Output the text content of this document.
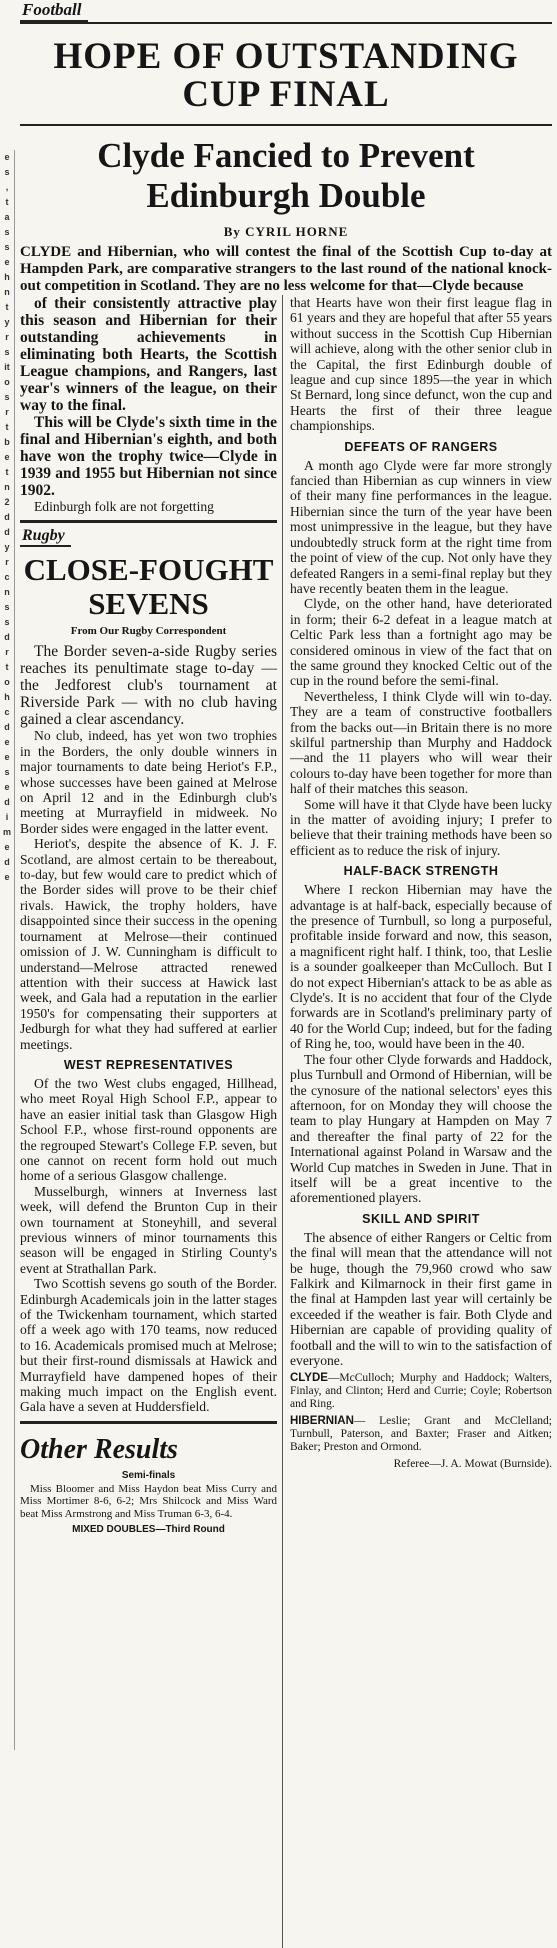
e
s
,
t
a
s
s
e
h
n
t
y
r
s
it
o
s
r
t
b
e
t
n
2
d
d
y
r
c
n
s
s
d
r
t
o
h
c
d
e
e
s
e
d
i
m
e
d
e
Football
HOPE OF OUTSTANDING
CUP FINAL
Clyde Fancied to Prevent
Edinburgh Double
By CYRIL HORNE

CLYDE and Hibernian, who will contest the final of the Scottish Cup to-day at Hampden Park, are comparative strangers to the last round of the national knock-out competition in Scotland. They are no less welcome for that—Clyde because

of their consistently attractive play this season and Hibernian for their outstanding achievements in eliminating both Hearts, the Scottish League champions, and Rangers, last year's winners of the league, on their way to the final.

This will be Clyde's sixth time in the final and Hibernian's eighth, and both have won the trophy twice—Clyde in 1939 and 1955 but Hibernian not since 1902.

Edinburgh folk are not forgetting

Rugby
CLOSE-FOUGHT
SEVENS
From Our Rugby Correspondent

The Border seven-a-side Rugby series reaches its penultimate stage to-day — the Jedforest club's tournament at Riverside Park — with no club having gained a clear ascendancy.

No club, indeed, has yet won two trophies in the Borders, the only double winners in major tournaments to date being Heriot's F.P., whose successes have been gained at Melrose on April 12 and in the Edinburgh club's meeting at Murrayfield in midweek. No Border sides were engaged in the latter event.

Heriot's, despite the absence of K. J. F. Scotland, are almost certain to be thereabout, to-day, but few would care to predict which of the Border sides will prove to be their chief rivals. Hawick, the trophy holders, have disappointed since their success in the opening tournament at Melrose—their continued omission of J. W. Cunningham is difficult to understand—Melrose attracted renewed attention with their success at Hawick last week, and Gala had a reputation in the earlier 1950's for compensating their supporters at Jedburgh for what they had suffered at earlier meetings.

WEST REPRESENTATIVES

Of the two West clubs engaged, Hillhead, who meet Royal High School F.P., appear to have an easier initial task than Glasgow High School F.P., whose first-round opponents are the regrouped Stewart's College F.P. seven, but one cannot on recent form hold out much home of a serious Glasgow challenge.

Musselburgh, winners at Inverness last week, will defend the Brunton Cup in their own tournament at Stoneyhill, and several previous winners of minor tournaments this season will be engaged in Stirling County's event at Strathallan Park.

Two Scottish sevens go south of the Border. Edinburgh Academicals join in the latter stages of the Twickenham tournament, which started off a week ago with 170 teams, now reduced to 16. Academicals promised much at Melrose; but their first-round dismissals at Hawick and Murrayfield have dampened hopes of their making much impact on the English event. Gala have a seven at Huddersfield.

Other Results
Semi-finals

Miss Bloomer and Miss Haydon beat Miss Curry and Miss Mortimer 8-6, 6-2; Mrs Shilcock and Miss Ward beat Miss Armstrong and Miss Truman 6-3, 6-4.

MIXED DOUBLES—Third Round

that Hearts have won their first league flag in 61 years and they are hopeful that after 55 years without success in the Scottish Cup Hibernian will achieve, along with the other senior club in the Capital, the first Edinburgh double of league and cup since 1895—the year in which St Bernard, long since defunct, won the cup and Hearts the first of their three league championships.

DEFEATS OF RANGERS

A month ago Clyde were far more strongly fancied than Hibernian as cup winners in view of their many fine performances in the league. Hibernian since the turn of the year have been most unimpressive in the league, but they have undoubtedly struck form at the right time from the point of view of the cup. Not only have they defeated Rangers in a semi-final replay but they have recently beaten them in the league.

Clyde, on the other hand, have deteriorated in form; their 6-2 defeat in a league match at Celtic Park less than a fortnight ago may be considered ominous in view of the fact that on the same ground they knocked Celtic out of the cup in the round before the semi-final.

Nevertheless, I think Clyde will win to-day. They are a team of constructive footballers from the backs out—in Britain there is no more skilful partnership than Murphy and Haddock—and the 11 players who will wear their colours to-day have been together for more than half of their matches this season.

Some will have it that Clyde have been lucky in the matter of avoiding injury; I prefer to believe that their training methods have been so efficient as to reduce the risk of injury.

HALF-BACK STRENGTH

Where I reckon Hibernian may have the advantage is at half-back, especially because of the presence of Turnbull, so long a purposeful, profitable inside forward and now, this season, a magnificent right half. I think, too, that Leslie is a sounder goalkeeper than McCulloch. But I do not expect Hibernian's attack to be as able as Clyde's. It is no accident that four of the Clyde forwards are in Scotland's preliminary party of 40 for the World Cup; indeed, but for the fading of Ring he, too, would have been in the 40.

The four other Clyde forwards and Haddock, plus Turnbull and Ormond of Hibernian, will be the cynosure of the national selectors' eyes this afternoon, for on Monday they will choose the team to play Hungary at Hampden on May 7 and thereafter the final party of 22 for the International against Poland in Warsaw and the World Cup matches in Sweden in June. That in itself will be a great incentive to the aforementioned players.

SKILL AND SPIRIT

The absence of either Rangers or Celtic from the final will mean that the attendance will not be huge, though the 79,960 crowd who saw Falkirk and Kilmarnock in their first game in the final at Hampden last year will certainly be exceeded if the weather is fair. Both Clyde and Hibernian are capable of providing quality of football and the will to win to the satisfaction of everyone.

CLYDE—McCulloch; Murphy and Haddock; Walters, Finlay, and Clinton; Herd and Currie; Coyle; Robertson and Ring.

HIBERNIAN— Leslie; Grant and McClelland; Turnbull, Paterson, and Baxter; Fraser and Aitken; Baker; Preston and Ormond.

Referee—J. A. Mowat (Burnside).
